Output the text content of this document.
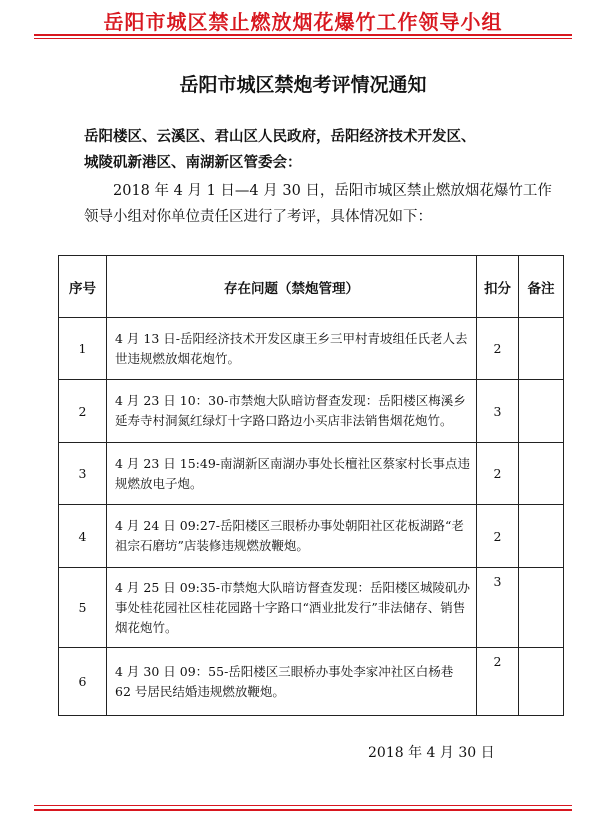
岳阳市城区禁止燃放烟花爆竹工作领导小组
岳阳市城区禁炮考评情况通知
岳阳楼区、云溪区、君山区人民政府，岳阳经济技术开发区、
城陵矶新港区、南湖新区管委会：
2018 年 4 月 1 日—4 月 30 日，岳阳市城区禁止燃放烟花爆竹工作领导小组对你单位责任区进行了考评，具体情况如下：
序号	存在问题（禁炮管理）	扣分	备注
1	4 月 13 日-岳阳经济技术开发区康王乡三甲村青坡组任氏老人去世违规燃放烟花炮竹。	2	
2	4 月 23 日 10：30-市禁炮大队暗访督查发现：岳阳楼区梅溪乡延寿寺村洞氮红绿灯十字路口路边小买店非法销售烟花炮竹。	3	
3	4 月 23 日 15:49-南湖新区南湖办事处长檀社区蔡家村长事点违规燃放电子炮。	2	
4	4 月 24 日 09:27-岳阳楼区三眼桥办事处朝阳社区花板湖路“老祖宗石磨坊”店装修违规燃放鞭炮。	2	
5	4 月 25 日 09:35-市禁炮大队暗访督查发现：岳阳楼区城陵矶办事处桂花园社区桂花园路十字路口“酒业批发行”非法储存、销售烟花炮竹。	3	
6	4 月 30 日 09：55-岳阳楼区三眼桥办事处李家冲社区白杨巷 62 号居民结婚违规燃放鞭炮。	2	
2018 年 4 月 30 日
